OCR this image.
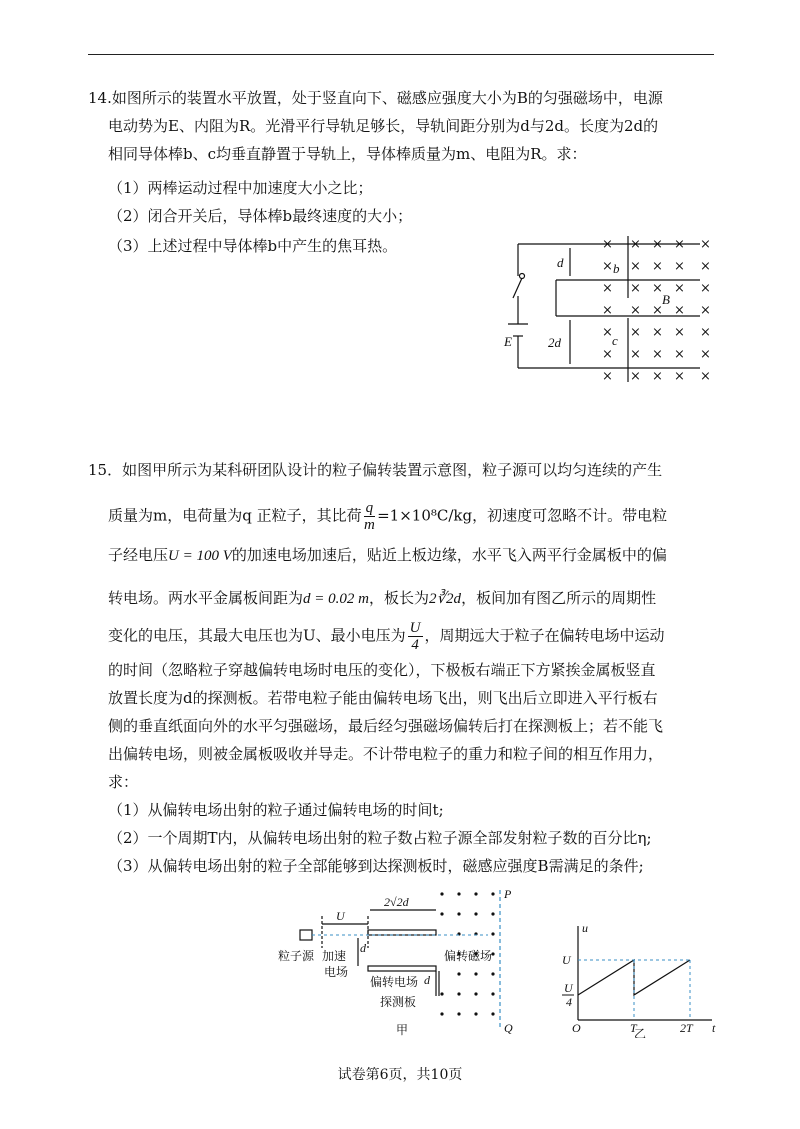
14.如图所示的装置水平放置，处于竖直向下、磁感应强度大小为B的匀强磁场中，电源
电动势为E、内阻为R。光滑平行导轨足够长，导轨间距分别为d与2d。长度为2d的
相同导体棒b、c均垂直静置于导轨上，导体棒质量为m、电阻为R。求：
（1）两棒运动过程中加速度大小之比；
（2）闭合开关后，导体棒b最终速度的大小；
（3）上述过程中导体棒b中产生的焦耳热。
d
2d
b
c
B
E
× × × × ×
× × × × ×
× × × × ×
× × × × ×
× × × × ×
× × × × ×
× × × × ×
15．如图甲所示为某科研团队设计的粒子偏转装置示意图，粒子源可以均匀连续的产生
质量为m，电荷量为q 正粒子，其比荷 $\frac{q}{m} =1\times 10^8C/kg$，初速度可忽略不计。带电粒
子经电压U = 100 V的加速电场加速后，贴近上板边缘，水平飞入两平行金属板中的偏
转电场。两水平金属板间距为d = 0.02 m，板长为2∛2d，板间加有图乙所示的周期性
变化的电压，其最大电压也为U、最小电压为 $\frac{U}{4}$ ，周期远大于粒子在偏转电场中运动
的时间（忽略粒子穿越偏转电场时电压的变化），下极板右端正下方紧挨金属板竖直
放置长度为d的探测板。若带电粒子能由偏转电场飞出，则飞出后立即进入平行板右
侧的垂直纸面向外的水平匀强磁场，最后经匀强磁场偏转后打在探测板上；若不能飞
出偏转电场，则被金属板吸收并导走。不计带电粒子的重力和粒子间的相互作用力，
求：
（1）从偏转电场出射的粒子通过偏转电场的时间t;
（2）一个周期T内，从偏转电场出射的粒子数占粒子源全部发射粒子数的百分比η;
（3）从偏转电场出射的粒子全部能够到达探测板时，磁感应强度B需满足的条件;
粒子源 加速
电场
偏转电场
偏转磁场
探测板
甲
U
2√2d
d
d
P
Q
u
t
U
U
4
O	T	2T
乙
试卷第6页，共10页
